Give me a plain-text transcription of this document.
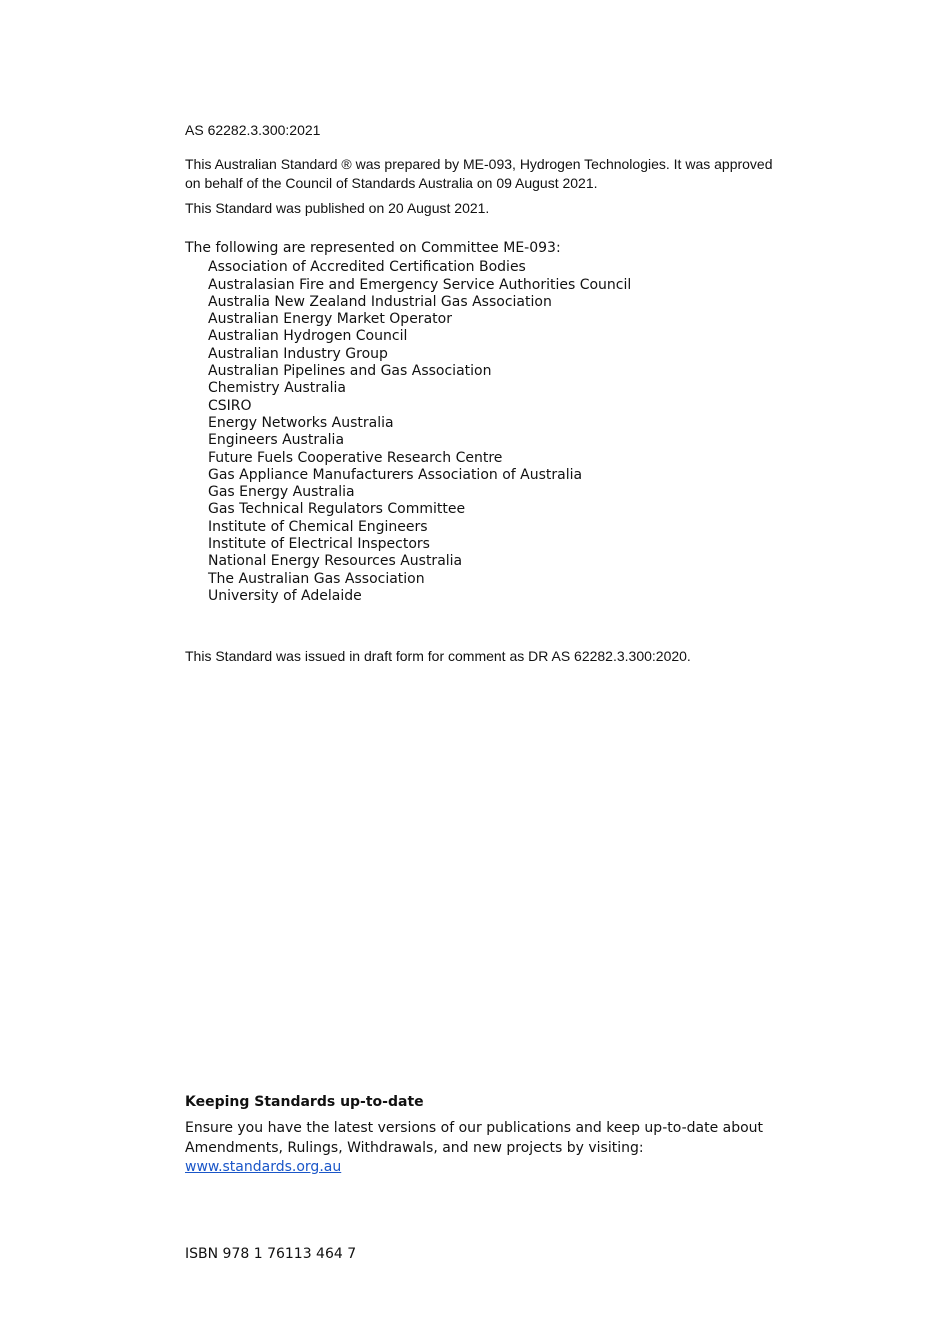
AS 62282.3.300:2021
This Australian Standard ® was prepared by ME-093, Hydrogen Technologies. It was approved on behalf of the Council of Standards Australia on 09 August 2021.
This Standard was published on 20 August 2021.
The following are represented on Committee ME-093:
Association of Accredited Certification Bodies
Australasian Fire and Emergency Service Authorities Council
Australia New Zealand Industrial Gas Association
Australian Energy Market Operator
Australian Hydrogen Council
Australian Industry Group
Australian Pipelines and Gas Association
Chemistry Australia
CSIRO
Energy Networks Australia
Engineers Australia
Future Fuels Cooperative Research Centre
Gas Appliance Manufacturers Association of Australia
Gas Energy Australia
Gas Technical Regulators Committee
Institute of Chemical Engineers
Institute of Electrical Inspectors
National Energy Resources Australia
The Australian Gas Association
University of Adelaide
This Standard was issued in draft form for comment as DR AS 62282.3.300:2020.
Keeping Standards up-to-date
Ensure you have the latest versions of our publications and keep up-to-date about Amendments, Rulings, Withdrawals, and new projects by visiting:
www.standards.org.au
ISBN 978 1 76113 464 7
